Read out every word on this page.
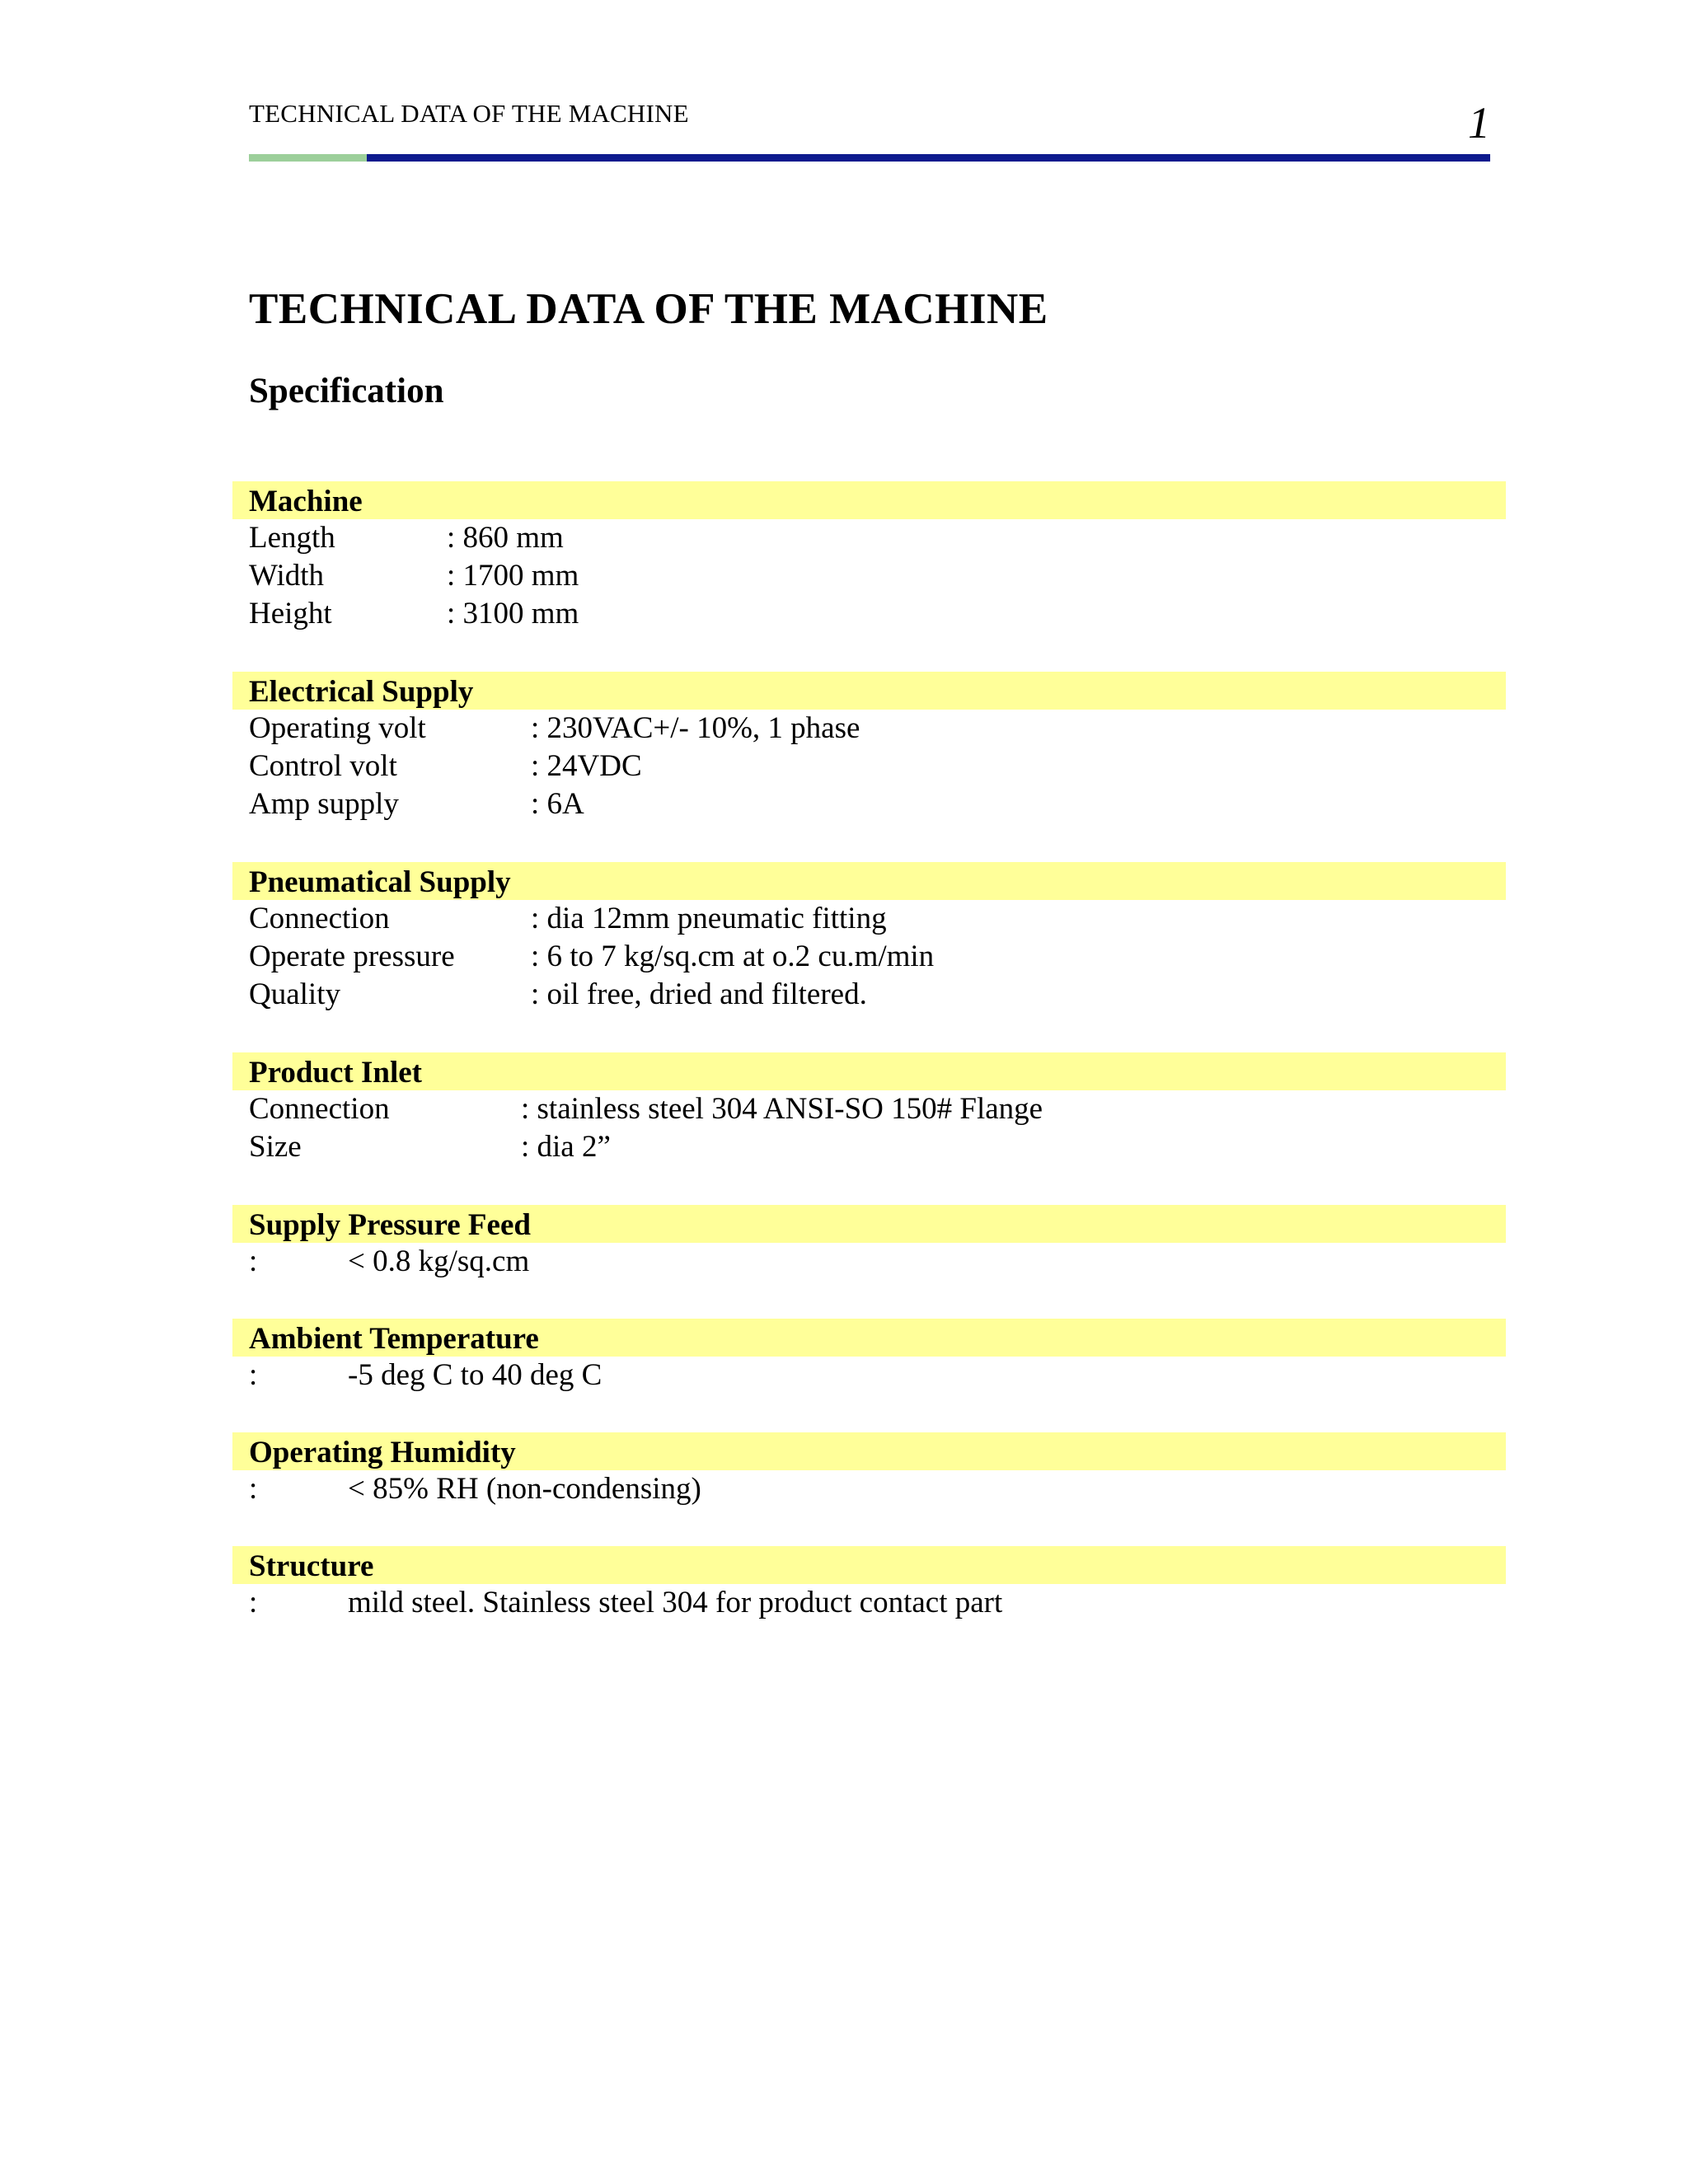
TECHNICAL DATA OF THE MACHINE	1
TECHNICAL DATA OF THE MACHINE
Specification
Machine
Length	: 860 mm
Width	: 1700 mm
Height	: 3100 mm
Electrical Supply
Operating volt	: 230VAC+/- 10%, 1 phase
Control volt	: 24VDC
Amp supply	: 6A
Pneumatical Supply
Connection	: dia 12mm pneumatic fitting
Operate pressure : 6 to 7 kg/sq.cm at o.2 cu.m/min
Quality	: oil free, dried and filtered.
Product Inlet
Connection	: stainless steel 304 ANSI-SO 150# Flange
Size	: dia 2”
Supply Pressure Feed
:	< 0.8 kg/sq.cm
Ambient Temperature
:	-5 deg C to 40 deg C
Operating Humidity
:	< 85% RH (non-condensing)
Structure
:	mild steel. Stainless steel 304 for product contact part
